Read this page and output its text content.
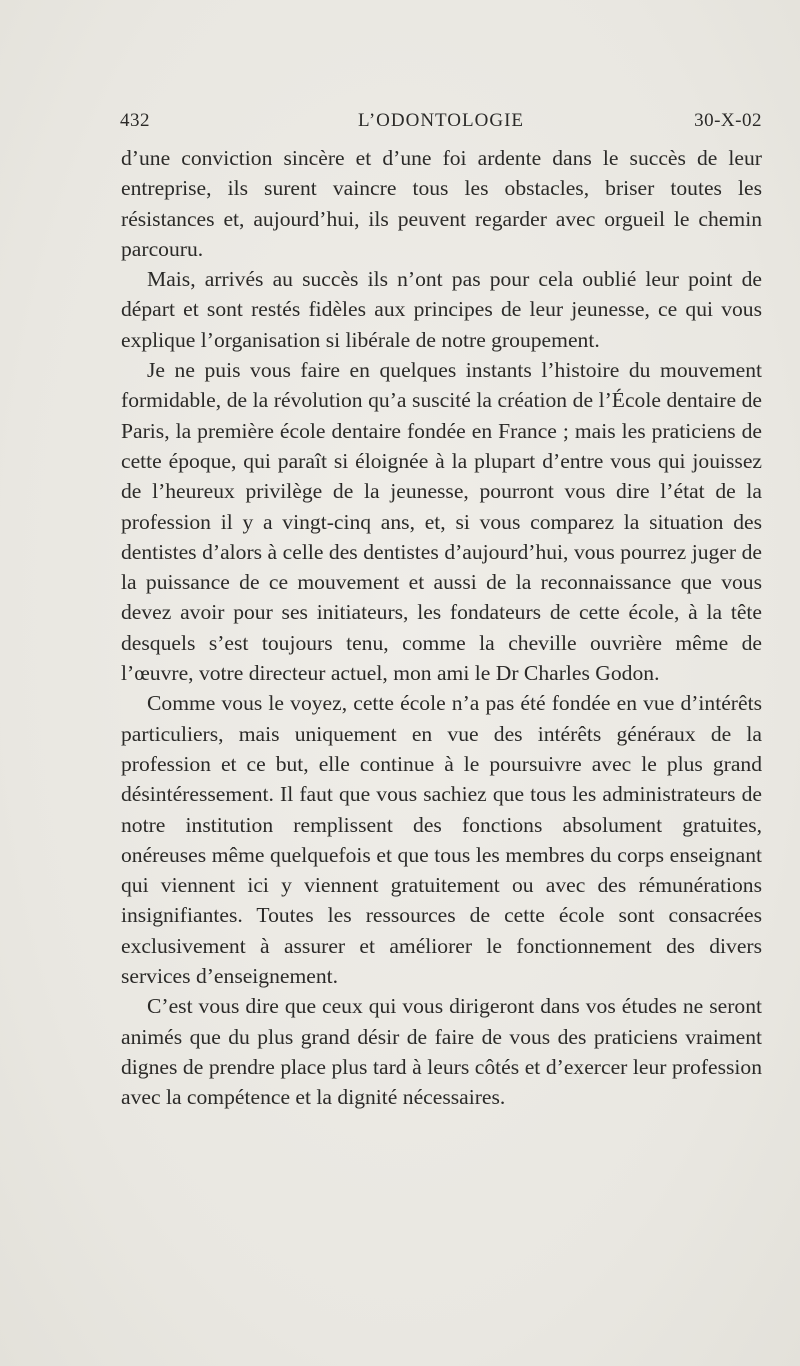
432	L’ODONTOLOGIE	30-X-02

d’une conviction sincère et d’une foi ardente dans le succès de leur entreprise, ils surent vaincre tous les obstacles, briser toutes les résistances et, aujourd’hui, ils peuvent regarder avec orgueil le chemin parcouru.

Mais, arrivés au succès ils n’ont pas pour cela oublié leur point de départ et sont restés fidèles aux principes de leur jeunesse, ce qui vous explique l’organisation si libérale de notre groupement.

Je ne puis vous faire en quelques instants l’histoire du mouvement formidable, de la révolution qu’a suscité la création de l’École dentaire de Paris, la première école dentaire fondée en France ; mais les praticiens de cette époque, qui paraît si éloignée à la plupart d’entre vous qui jouissez de l’heureux privilège de la jeunesse, pourront vous dire l’état de la profession il y a vingt-cinq ans, et, si vous comparez la situation des dentistes d’alors à celle des dentistes d’aujourd’hui, vous pourrez juger de la puissance de ce mouvement et aussi de la reconnaissance que vous devez avoir pour ses initiateurs, les fondateurs de cette école, à la tête desquels s’est toujours tenu, comme la cheville ouvrière même de l’œuvre, votre directeur actuel, mon ami le Dr Charles Godon.

Comme vous le voyez, cette école n’a pas été fondée en vue d’intérêts particuliers, mais uniquement en vue des intérêts généraux de la profession et ce but, elle continue à le poursuivre avec le plus grand désintéressement. Il faut que vous sachiez que tous les administrateurs de notre institution remplissent des fonctions absolument gratuites, onéreuses même quelquefois et que tous les membres du corps enseignant qui viennent ici y viennent gratuitement ou avec des rémunérations insignifiantes. Toutes les ressources de cette école sont consacrées exclusivement à assurer et améliorer le fonctionnement des divers services d’enseignement.

C’est vous dire que ceux qui vous dirigeront dans vos études ne seront animés que du plus grand désir de faire de vous des praticiens vraiment dignes de prendre place plus tard à leurs côtés et d’exercer leur profession avec la compétence et la dignité nécessaires.
